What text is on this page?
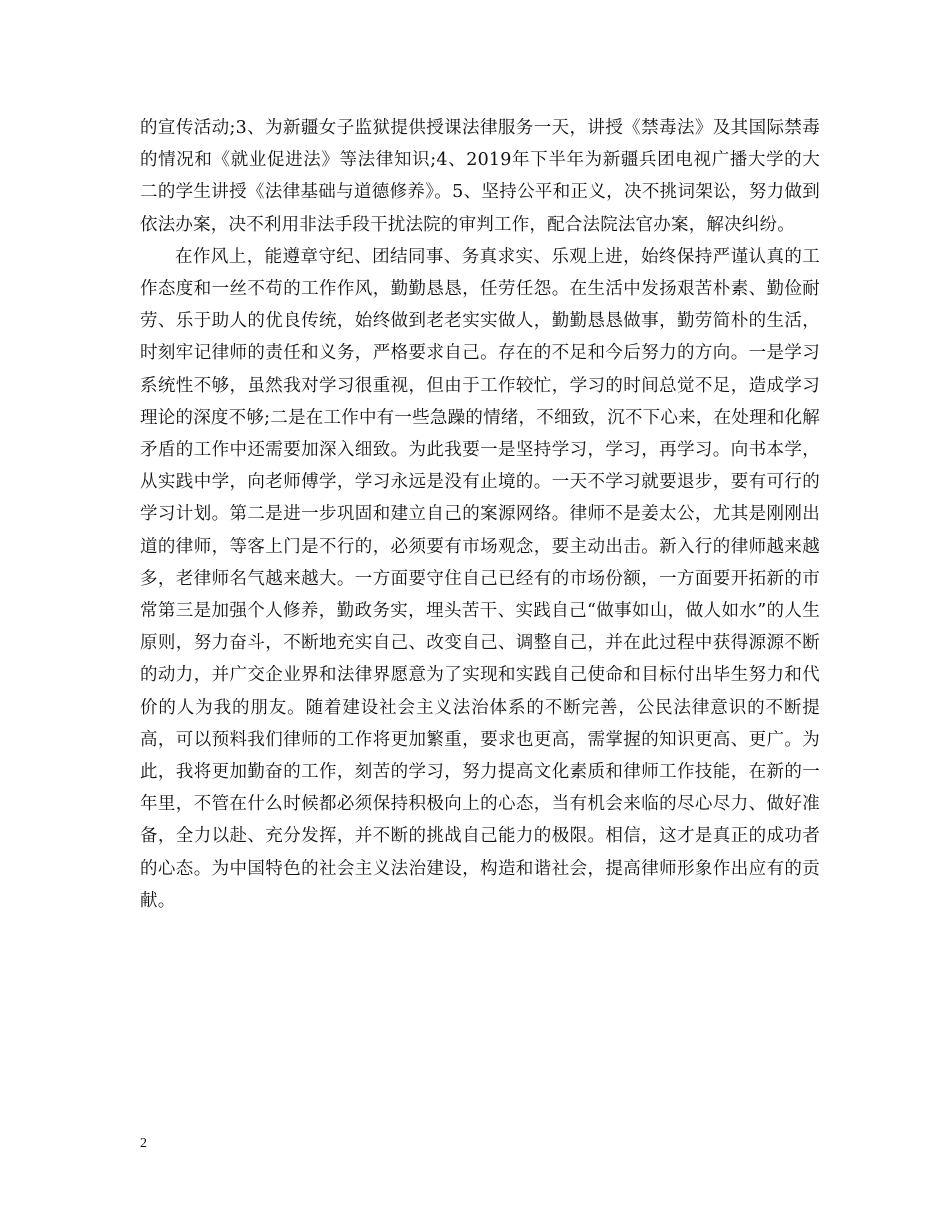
的宣传活动;3、为新疆女子监狱提供授课法律服务一天，讲授《禁毒法》及其国际禁毒的情况和《就业促进法》等法律知识;4、2019年下半年为新疆兵团电视广播大学的大二的学生讲授《法律基础与道德修养》。5、坚持公平和正义，决不挑词架讼，努力做到依法办案，决不利用非法手段干扰法院的审判工作，配合法院法官办案，解决纠纷。

在作风上，能遵章守纪、团结同事、务真求实、乐观上进，始终保持严谨认真的工作态度和一丝不苟的工作作风，勤勤恳恳，任劳任怨。在生活中发扬艰苦朴素、勤俭耐劳、乐于助人的优良传统，始终做到老老实实做人，勤勤恳恳做事，勤劳简朴的生活，时刻牢记律师的责任和义务，严格要求自己。存在的不足和今后努力的方向。一是学习系统性不够，虽然我对学习很重视，但由于工作较忙，学习的时间总觉不足，造成学习理论的深度不够;二是在工作中有一些急躁的情绪，不细致，沉不下心来，在处理和化解矛盾的工作中还需要加深入细致。为此我要一是坚持学习，学习，再学习。向书本学，从实践中学，向老师傅学，学习永远是没有止境的。一天不学习就要退步，要有可行的学习计划。第二是进一步巩固和建立自己的案源网络。律师不是姜太公，尤其是刚刚出道的律师，等客上门是不行的，必须要有市场观念，要主动出击。新入行的律师越来越多，老律师名气越来越大。一方面要守住自己已经有的市场份额，一方面要开拓新的市常第三是加强个人修养，勤政务实，埋头苦干、实践自己“做事如山，做人如水”的人生原则，努力奋斗，不断地充实自己、改变自己、调整自己，并在此过程中获得源源不断的动力，并广交企业界和法律界愿意为了实现和实践自己使命和目标付出毕生努力和代价的人为我的朋友。随着建设社会主义法治体系的不断完善，公民法律意识的不断提高，可以预料我们律师的工作将更加繁重，要求也更高，需掌握的知识更高、更广。为此，我将更加勤奋的工作，刻苦的学习，努力提高文化素质和律师工作技能，在新的一年里，不管在什么时候都必须保持积极向上的心态，当有机会来临的尽心尽力、做好准备，全力以赴、充分发挥，并不断的挑战自己能力的极限。相信，这才是真正的成功者的心态。为中国特色的社会主义法治建设，构造和谐社会，提高律师形象作出应有的贡献。

2
